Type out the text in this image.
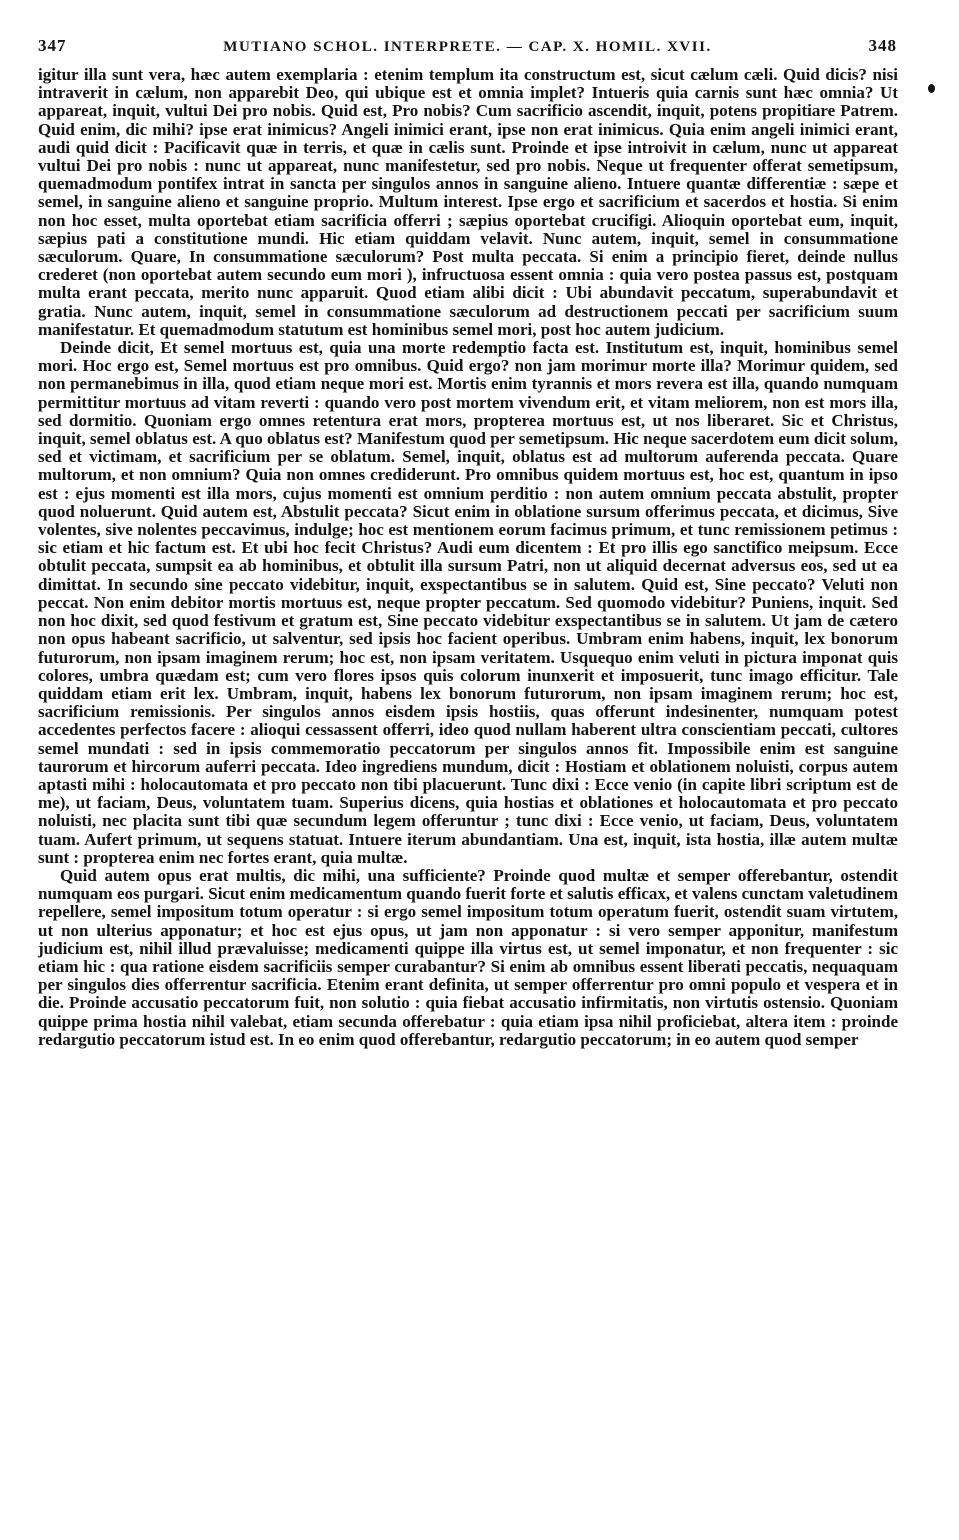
347	MUTIANO SCHOL. INTERPRETE. — CAP. X. HOMIL. XVII.	348

igitur illa sunt vera, hæc autem exemplaria : etenim templum ita constructum est, sicut cælum cæli. Quid dicis? nisi intraverit in cælum, non apparebit Deo, qui ubique est et omnia implet? Intueris quia carnis sunt hæc omnia? Ut appareat, inquit, vultui Dei pro nobis. Quid est, Pro nobis? Cum sacrificio ascendit, inquit, potens propitiare Patrem. Quid enim, dic mihi? ipse erat inimicus? Angeli inimici erant, ipse non erat inimicus. Quia enim angeli inimici erant, audi quid dicit : Pacificavit quæ in terris, et quæ in cælis sunt. Proinde et ipse introivit in cælum, nunc ut appareat vultui Dei pro nobis : nunc ut appareat, nunc manifestetur, sed pro nobis. Neque ut frequenter offerat semetipsum, quemadmodum pontifex intrat in sancta per singulos annos in sanguine alieno. Intuere quantæ differentiæ : sæpe et semel, in sanguine alieno et sanguine proprio. Multum interest. Ipse ergo et sacrificium et sacerdos et hostia. Si enim non hoc esset, multa oportebat etiam sacrificia offerri ; sæpius oportebat crucifigi. Alioquin oportebat eum, inquit, sæpius pati a constitutione mundi. Hic etiam quiddam velavit. Nunc autem, inquit, semel in consummatione sæculorum. Quare, In consummatione sæculorum? Post multa peccata. Si enim a principio fieret, deinde nullus crederet (non oportebat autem secundo eum mori ), infructuosa essent omnia : quia vero postea passus est, postquam multa erant peccata, merito nunc apparuit. Quod etiam alibi dicit : Ubi abundavit peccatum, superabundavit et gratia. Nunc autem, inquit, semel in consummatione sæculorum ad destructionem peccati per sacrificium suum manifestatur. Et quemadmodum statutum est hominibus semel mori, post hoc autem judicium.

Deinde dicit, Et semel mortuus est, quia una morte redemptio facta est. Institutum est, inquit, hominibus semel mori. Hoc ergo est, Semel mortuus est pro omnibus. Quid ergo? non jam morimur morte illa? Morimur quidem, sed non permanebimus in illa, quod etiam neque mori est. Mortis enim tyrannis et mors revera est illa, quando numquam permittitur mortuus ad vitam reverti : quando vero post mortem vivendum erit, et vitam meliorem, non est mors illa, sed dormitio. Quoniam ergo omnes retentura erat mors, propterea mortuus est, ut nos liberaret. Sic et Christus, inquit, semel oblatus est. A quo oblatus est? Manifestum quod per semetipsum. Hic neque sacerdotem eum dicit solum, sed et victimam, et sacrificium per se oblatum. Semel, inquit, oblatus est ad multorum auferenda peccata. Quare multorum, et non omnium? Quia non omnes crediderunt. Pro omnibus quidem mortuus est, hoc est, quantum in ipso est : ejus momenti est illa mors, cujus momenti est omnium perditio : non autem omnium peccata abstulit, propter quod noluerunt. Quid autem est, Abstulit peccata? Sicut enim in oblatione sursum offerimus peccata, et dicimus, Sive volentes, sive nolentes peccavimus, indulge; hoc est mentionem eorum facimus primum, et tunc remissionem petimus : sic etiam et hic factum est. Et ubi hoc fecit Christus? Audi eum dicentem : Et pro illis ego sanctifico meipsum. Ecce obtulit peccata, sumpsit ea ab hominibus, et obtulit illa sursum Patri, non ut aliquid decernat adversus eos, sed ut ea dimittat. In secundo sine peccato videbitur, inquit, exspectantibus se in salutem. Quid est, Sine peccato? Veluti non peccat. Non enim debitor mortis mortuus est, neque propter peccatum. Sed quomodo videbitur? Puniens, inquit. Sed non hoc dixit, sed quod festivum et gratum est, Sine peccato videbitur exspectantibus se in salutem. Ut jam de cætero non opus habeant sacrificio, ut salventur, sed ipsis hoc facient operibus. Umbram enim habens, inquit, lex bonorum futurorum, non ipsam imaginem rerum; hoc est, non ipsam veritatem. Usquequo enim veluti in pictura imponat quis colores, umbra quædam est; cum vero flores ipsos quis colorum inunxerit et imposuerit, tunc imago efficitur. Tale quiddam etiam erit lex. Umbram, inquit, habens lex bonorum futurorum, non ipsam imaginem rerum; hoc est, sacrificium remissionis. Per singulos annos eisdem ipsis hostiis, quas offerunt indesinenter, numquam potest accedentes perfectos facere : alioqui cessassent offerri, ideo quod nullam haberent ultra conscientiam peccati, cultores semel mundati : sed in ipsis commemoratio peccatorum per singulos annos fit. Impossibile enim est sanguine taurorum et hircorum auferri peccata. Ideo ingrediens mundum, dicit : Hostiam et oblationem noluisti, corpus autem aptasti mihi : holocautomata et pro peccato non tibi placuerunt. Tunc dixi : Ecce venio (in capite libri scriptum est de me), ut faciam, Deus, voluntatem tuam. Superius dicens, quia hostias et oblationes et holocautomata et pro peccato noluisti, nec placita sunt tibi quæ secundum legem offeruntur ; tunc dixi : Ecce venio, ut faciam, Deus, voluntatem tuam. Aufert primum, ut sequens statuat. Intuere iterum abundantiam. Una est, inquit, ista hostia, illæ autem multæ sunt : propterea enim nec fortes erant, quia multæ.

Quid autem opus erat multis, dic mihi, una sufficiente? Proinde quod multæ et semper offerebantur, ostendit numquam eos purgari. Sicut enim medicamentum quando fuerit forte et salutis efficax, et valens cunctam valetudinem repellere, semel impositum totum operatur : si ergo semel impositum totum operatum fuerit, ostendit suam virtutem, ut non ulterius apponatur; et hoc est ejus opus, ut jam non apponatur : si vero semper apponitur, manifestum judicium est, nihil illud prævaluisse; medicamenti quippe illa virtus est, ut semel imponatur, et non frequenter : sic etiam hic : qua ratione eisdem sacrificiis semper curabantur? Si enim ab omnibus essent liberati peccatis, nequaquam per singulos dies offerrentur sacrificia. Etenim erant definita, ut semper offerrentur pro omni populo et vespera et in die. Proinde accusatio peccatorum fuit, non solutio : quia fiebat accusatio infirmitatis, non virtutis ostensio. Quoniam quippe prima hostia nihil valebat, etiam secunda offerebatur : quia etiam ipsa nihil proficiebat, altera item : proinde redargutio peccatorum istud est. In eo enim quod offerebantur, redargutio peccatorum; in eo autem quod semper
